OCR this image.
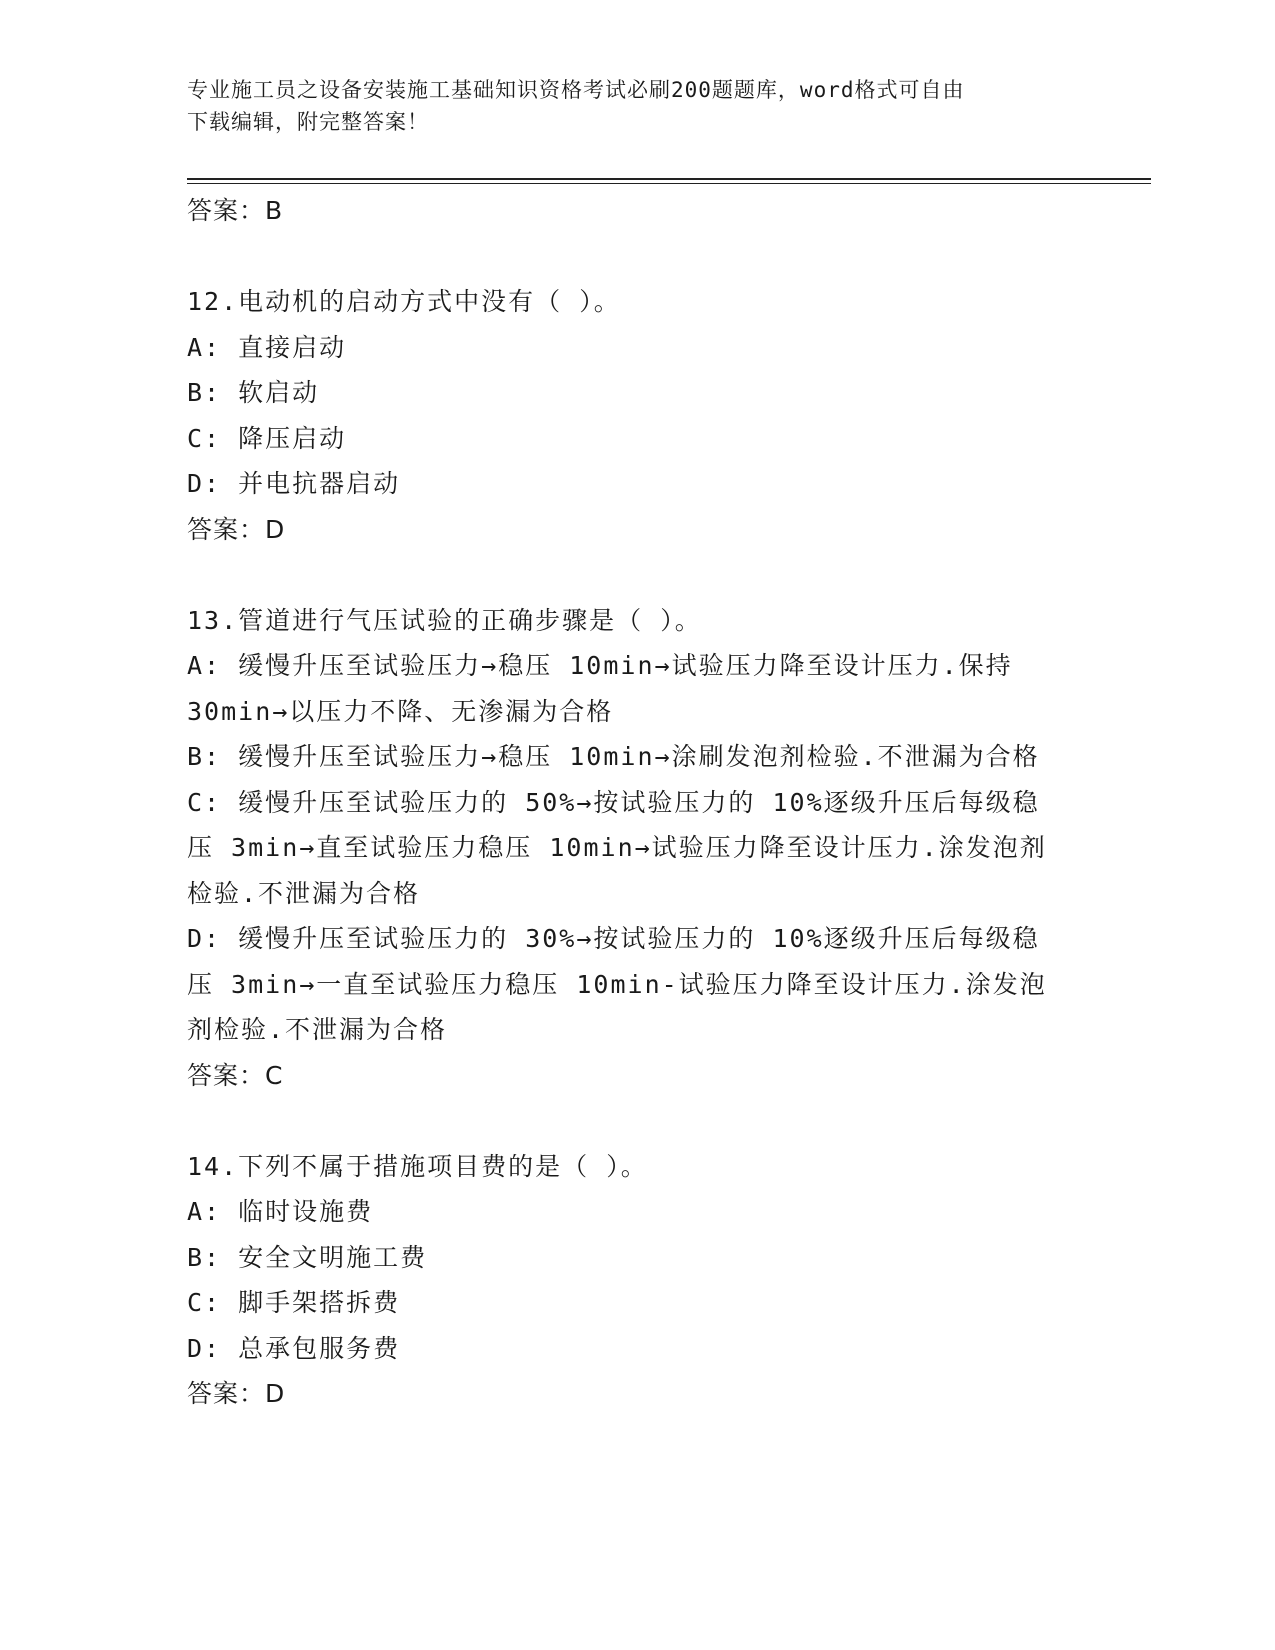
专业施工员之设备安装施工基础知识资格考试必刷200题题库，word格式可自由
下载编辑，附完整答案！
答案：B
12.电动机的启动方式中没有（ ）。
A: 直接启动
B: 软启动
C: 降压启动
D: 并电抗器启动
答案：D
13.管道进行气压试验的正确步骤是（ ）。
A: 缓慢升压至试验压力→稳压 10min→试验压力降至设计压力.保持
30min→以压力不降、无渗漏为合格
B: 缓慢升压至试验压力→稳压 10min→涂刷发泡剂检验.不泄漏为合格
C: 缓慢升压至试验压力的 50%→按试验压力的 10%逐级升压后每级稳
压 3min→直至试验压力稳压 10min→试验压力降至设计压力.涂发泡剂
检验.不泄漏为合格
D: 缓慢升压至试验压力的 30%→按试验压力的 10%逐级升压后每级稳
压 3min→一直至试验压力稳压 10min-试验压力降至设计压力.涂发泡
剂检验.不泄漏为合格
答案：C
14.下列不属于措施项目费的是（ ）。
A: 临时设施费
B: 安全文明施工费
C: 脚手架搭拆费
D: 总承包服务费
答案：D
